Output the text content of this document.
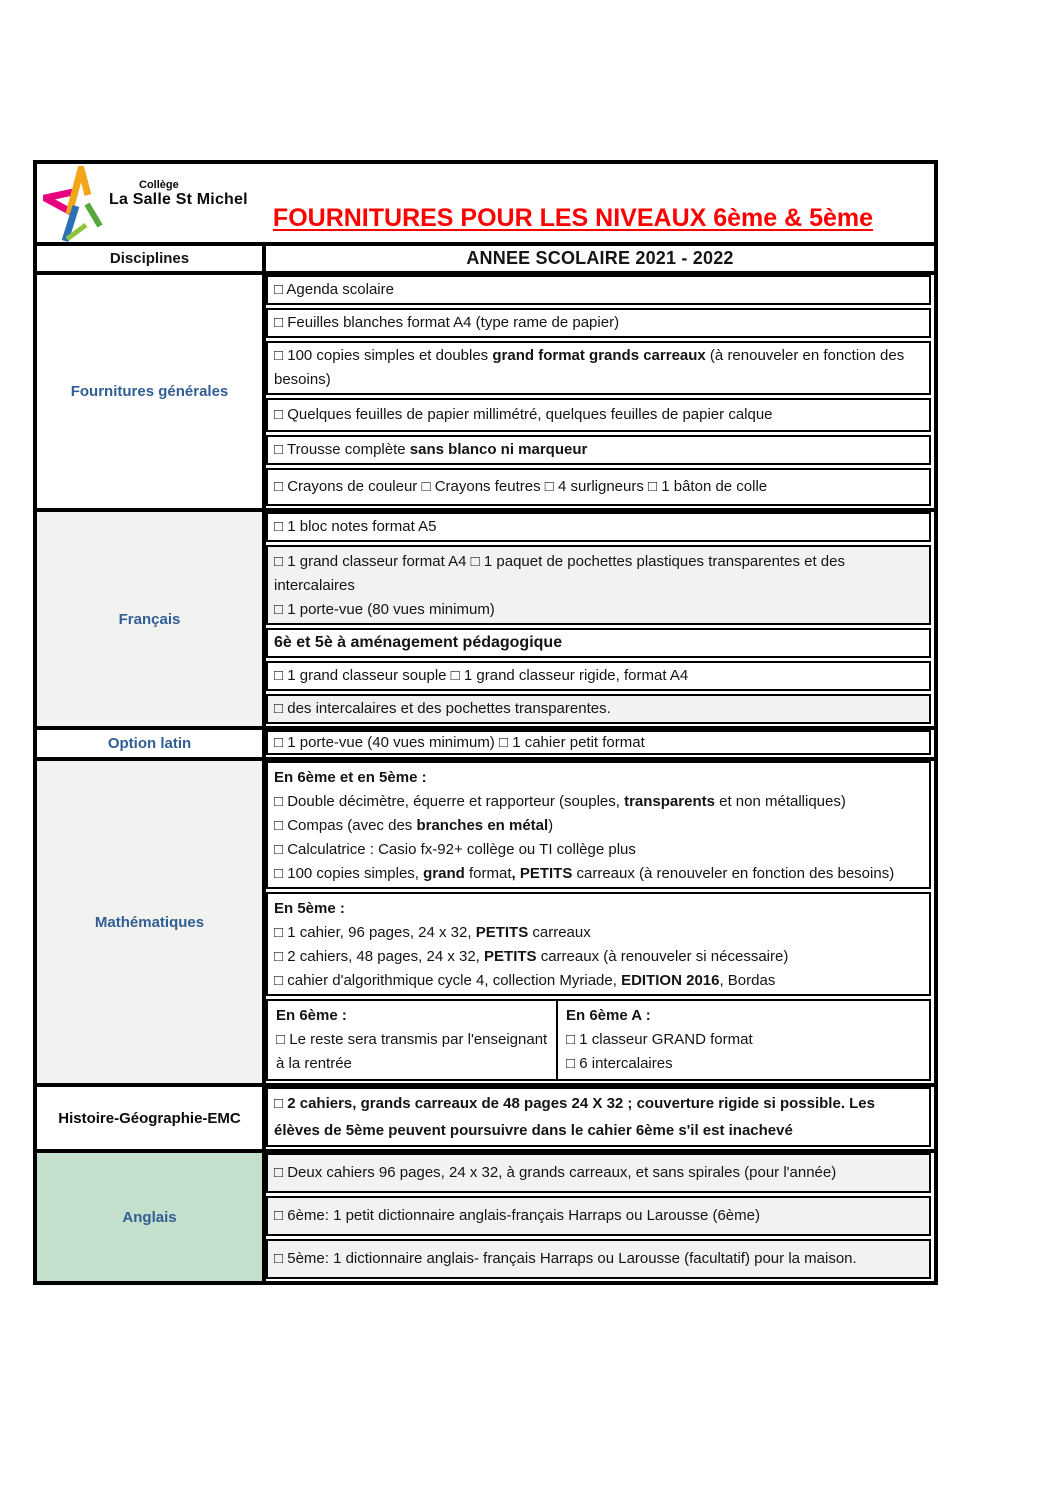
Collège
La Salle St Michel
FOURNITURES POUR LES NIVEAUX 6ème & 5ème
Disciplines	ANNEE SCOLAIRE 2021 - 2022
Fournitures générales
□ Agenda scolaire
□ Feuilles blanches format A4 (type rame de papier)
□ 100 copies simples et doubles grand format grands carreaux (à renouveler en fonction des besoins)
□ Quelques feuilles de papier millimétré, quelques feuilles de papier calque
□ Trousse complète sans blanco ni marqueur
□ Crayons de couleur □ Crayons feutres □ 4 surligneurs □ 1 bâton de colle
Français
□ 1 bloc notes format A5
□ 1 grand classeur format A4 □ 1 paquet de pochettes plastiques transparentes et des intercalaires
□ 1 porte-vue (80 vues minimum)
6è et 5è à aménagement pédagogique
□ 1 grand classeur souple □ 1 grand classeur rigide, format A4
□ des intercalaires et des pochettes transparentes.
Option latin	□ 1 porte-vue (40 vues minimum) □ 1 cahier petit format
Mathématiques
En 6ème et en 5ème :
□ Double décimètre, équerre et rapporteur (souples, transparents et non métalliques)
□ Compas (avec des branches en métal)
□ Calculatrice : Casio fx-92+ collège ou TI collège plus
□ 100 copies simples, grand format, PETITS carreaux (à renouveler en fonction des besoins)
En 5ème :
□ 1 cahier, 96 pages, 24 x 32, PETITS carreaux
□ 2 cahiers, 48 pages, 24 x 32, PETITS carreaux (à renouveler si nécessaire)
□ cahier d'algorithmique cycle 4, collection Myriade, EDITION 2016, Bordas
En 6ème :
□ Le reste sera transmis par l'enseignant à la rentrée
En 6ème A :
□ 1 classeur GRAND format
□ 6 intercalaires
Histoire-Géographie-EMC
□ 2 cahiers, grands carreaux de 48 pages 24 X 32 ; couverture rigide si possible. Les élèves de 5ème peuvent poursuivre dans le cahier 6ème s'il est inachevé
Anglais
□ Deux cahiers 96 pages, 24 x 32, à grands carreaux, et sans spirales (pour l'année)
□ 6ème: 1 petit dictionnaire anglais-français Harraps ou Larousse (6ème)
□ 5ème: 1 dictionnaire anglais- français Harraps ou Larousse (facultatif) pour la maison.
